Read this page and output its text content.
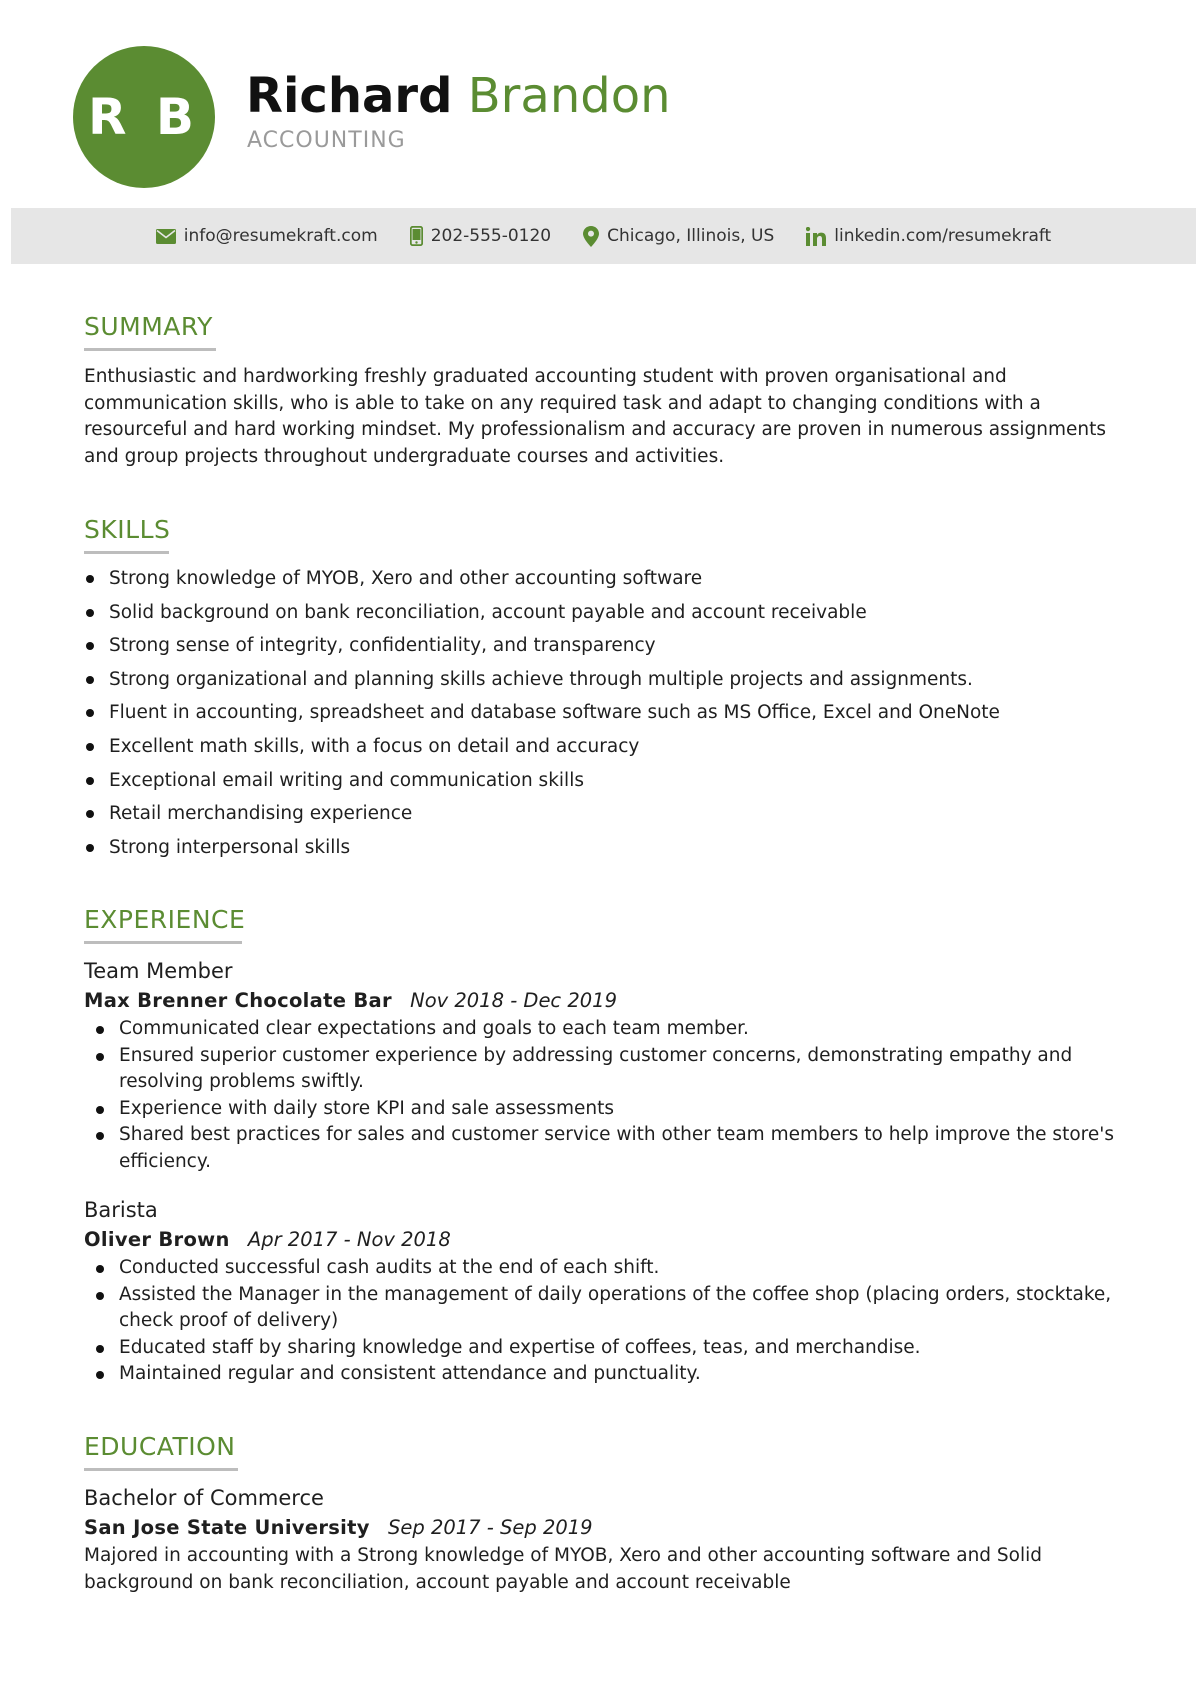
R B Richard Brandon
ACCOUNTING
info@resumekraft.com	202-555-0120	Chicago, Illinois, US	linkedin.com/resumekraft
SUMMARY
Enthusiastic and hardworking freshly graduated accounting student with proven organisational and communication skills, who is able to take on any required task and adapt to changing conditions with a resourceful and hard working mindset. My professionalism and accuracy are proven in numerous assignments and group projects throughout undergraduate courses and activities.
SKILLS
Strong knowledge of MYOB, Xero and other accounting software
Solid background on bank reconciliation, account payable and account receivable
Strong sense of integrity, confidentiality, and transparency
Strong organizational and planning skills achieve through multiple projects and assignments.
Fluent in accounting, spreadsheet and database software such as MS Office, Excel and OneNote
Excellent math skills, with a focus on detail and accuracy
Exceptional email writing and communication skills
Retail merchandising experience
Strong interpersonal skills
EXPERIENCE
Team Member
Max Brenner Chocolate Bar Nov 2018 - Dec 2019
Communicated clear expectations and goals to each team member.
Ensured superior customer experience by addressing customer concerns, demonstrating empathy and resolving problems swiftly.
Experience with daily store KPI and sale assessments
Shared best practices for sales and customer service with other team members to help improve the store's efficiency.
Barista
Oliver Brown Apr 2017 - Nov 2018
Conducted successful cash audits at the end of each shift.
Assisted the Manager in the management of daily operations of the coffee shop (placing orders, stocktake, check proof of delivery)
Educated staff by sharing knowledge and expertise of coffees, teas, and merchandise.
Maintained regular and consistent attendance and punctuality.
EDUCATION
Bachelor of Commerce
San Jose State University Sep 2017 - Sep 2019
Majored in accounting with a Strong knowledge of MYOB, Xero and other accounting software and Solid background on bank reconciliation, account payable and account receivable
